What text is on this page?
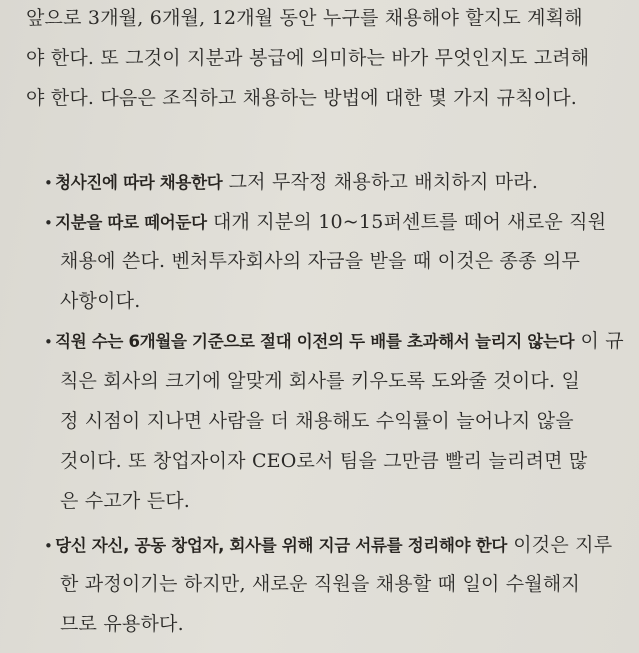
앞으로 3개월, 6개월, 12개월 동안 누구를 채용해야 할지도 계획해
야 한다. 또 그것이 지분과 봉급에 의미하는 바가 무엇인지도 고려해
야 한다. 다음은 조직하고 채용하는 방법에 대한 몇 가지 규칙이다.
• 청사진에 따라 채용한다 그저 무작정 채용하고 배치하지 마라.
• 지분을 따로 떼어둔다 대개 지분의 10~15퍼센트를 떼어 새로운 직원
채용에 쓴다. 벤처투자회사의 자금을 받을 때 이것은 종종 의무
사항이다.
• 직원 수는 6개월을 기준으로 절대 이전의 두 배를 초과해서 늘리지 않는다 이 규
칙은 회사의 크기에 알맞게 회사를 키우도록 도와줄 것이다. 일
정 시점이 지나면 사람을 더 채용해도 수익률이 늘어나지 않을
것이다. 또 창업자이자 CEO로서 팀을 그만큼 빨리 늘리려면 많
은 수고가 든다.
• 당신 자신, 공동 창업자, 회사를 위해 지금 서류를 정리해야 한다 이것은 지루
한 과정이기는 하지만, 새로운 직원을 채용할 때 일이 수월해지
므로 유용하다.
